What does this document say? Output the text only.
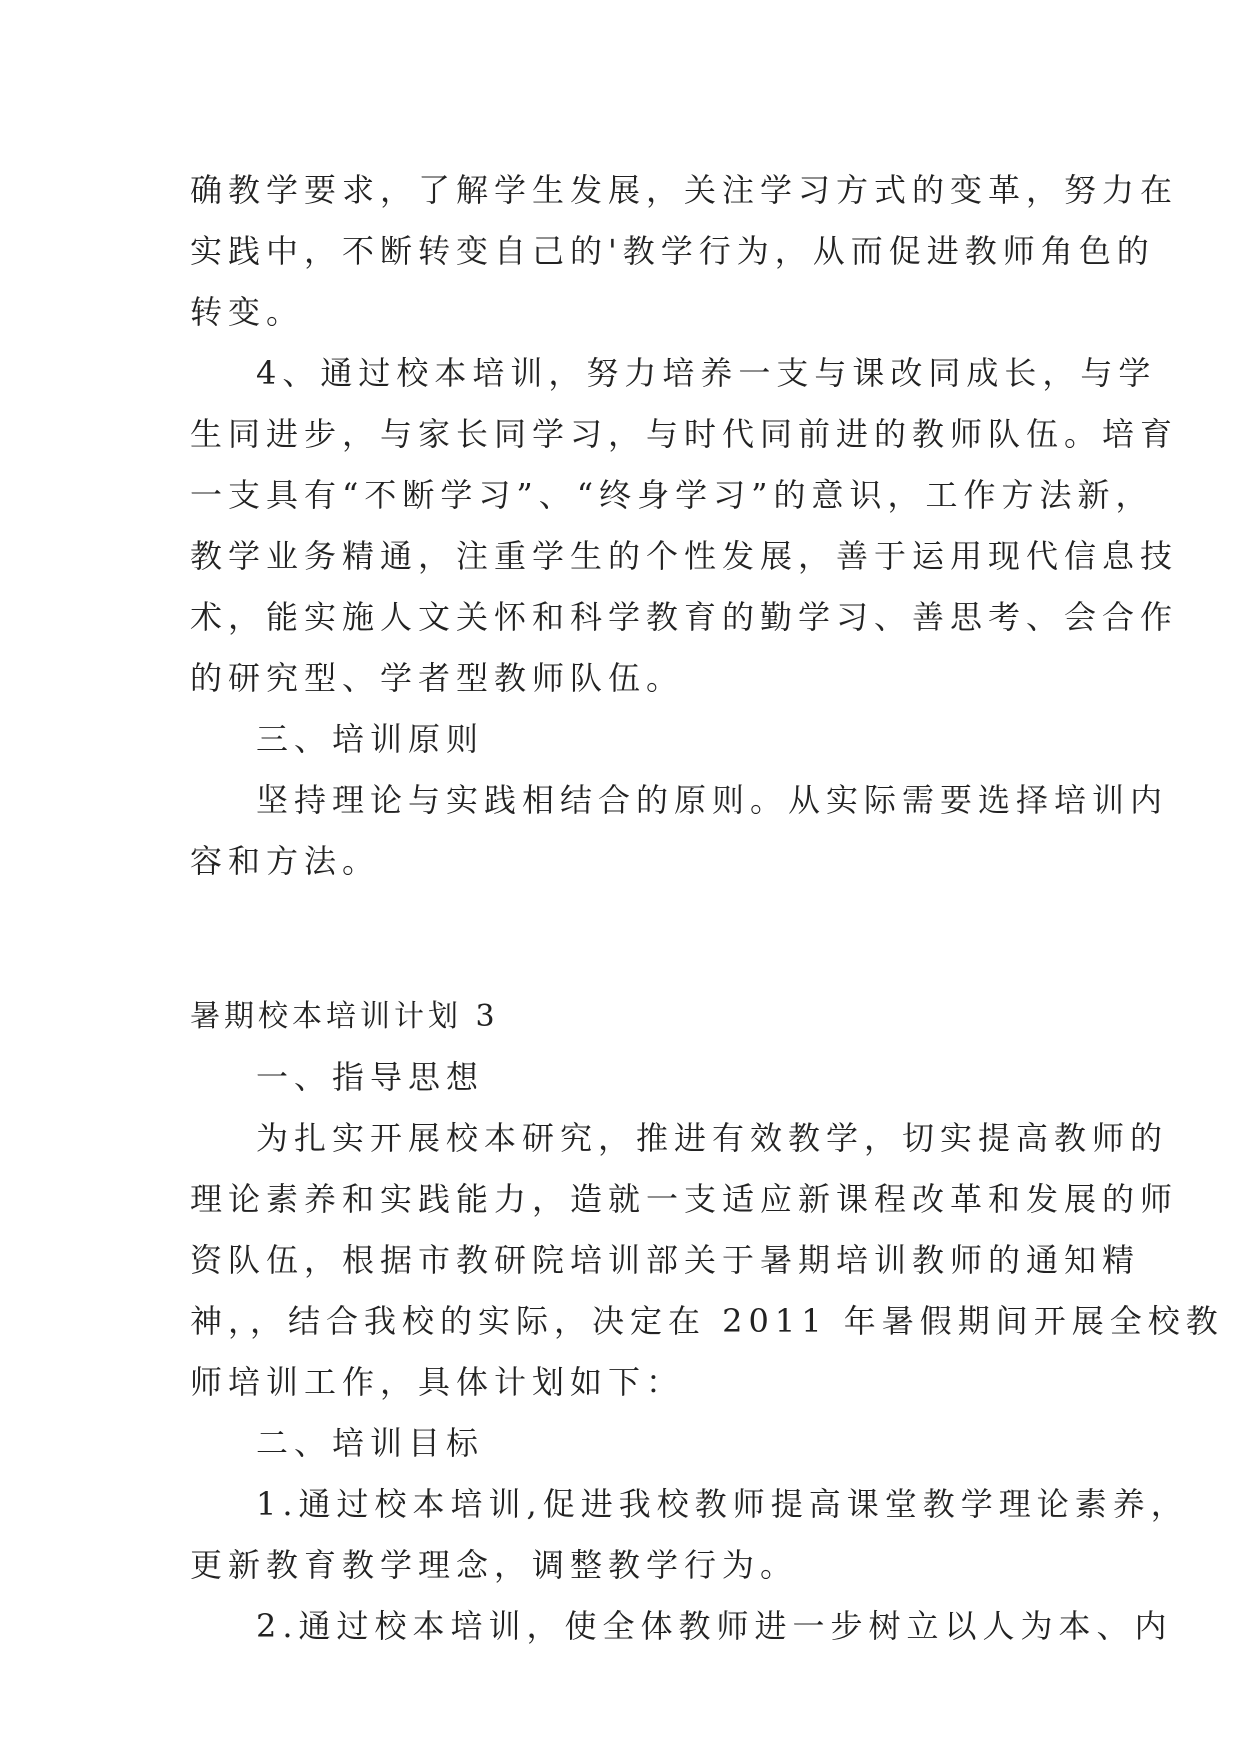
确教学要求，了解学生发展，关注学习方式的变革，努力在
实践中，不断转变自己的'教学行为，从而促进教师角色的
转变。
4、通过校本培训，努力培养一支与课改同成长，与学
生同进步，与家长同学习，与时代同前进的教师队伍。培育
一支具有“不断学习”、“终身学习”的意识，工作方法新，
教学业务精通，注重学生的个性发展，善于运用现代信息技
术，能实施人文关怀和科学教育的勤学习、善思考、会合作
的研究型、学者型教师队伍。
三、培训原则
坚持理论与实践相结合的原则。从实际需要选择培训内
容和方法。
暑期校本培训计划 3
一、指导思想
为扎实开展校本研究，推进有效教学，切实提高教师的
理论素养和实践能力，造就一支适应新课程改革和发展的师
资队伍，根据市教研院培训部关于暑期培训教师的通知精
神，，结合我校的实际，决定在 2011 年暑假期间开展全校教
师培训工作，具体计划如下：
二、培训目标
1.通过校本培训,促进我校教师提高课堂教学理论素养，
更新教育教学理念，调整教学行为。
2.通过校本培训，使全体教师进一步树立以人为本、内
